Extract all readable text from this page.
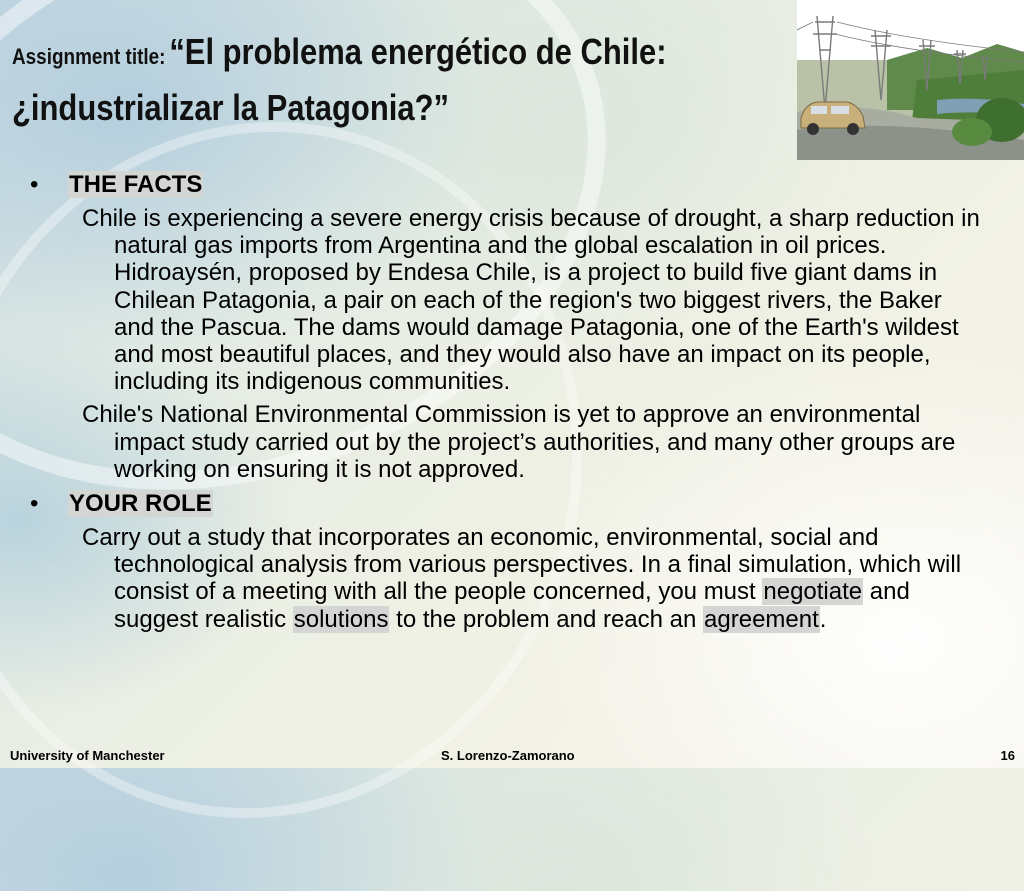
Assignment title: “El problema energético de Chile: ¿industrializar la Patagonia?”
• THE FACTS

Chile is experiencing a severe energy crisis because of drought, a sharp reduction in natural gas imports from Argentina and the global escalation in oil prices. Hidroaysén, proposed by Endesa Chile, is a project to build five giant dams in Chilean Patagonia, a pair on each of the region's two biggest rivers, the Baker and the Pascua. The dams would damage Patagonia, one of the Earth's wildest and most beautiful places, and they would also have an impact on its people, including its indigenous communities.

Chile's National Environmental Commission is yet to approve an environmental impact study carried out by the project’s authorities, and many other groups are working on ensuring it is not approved.

• YOUR ROLE

Carry out a study that incorporates an economic, environmental, social and technological analysis from various perspectives. In a final simulation, which will consist of a meeting with all the people concerned, you must negotiate and suggest realistic solutions to the problem and reach an agreement.

University of Manchester	S. Lorenzo-Zamorano	16
